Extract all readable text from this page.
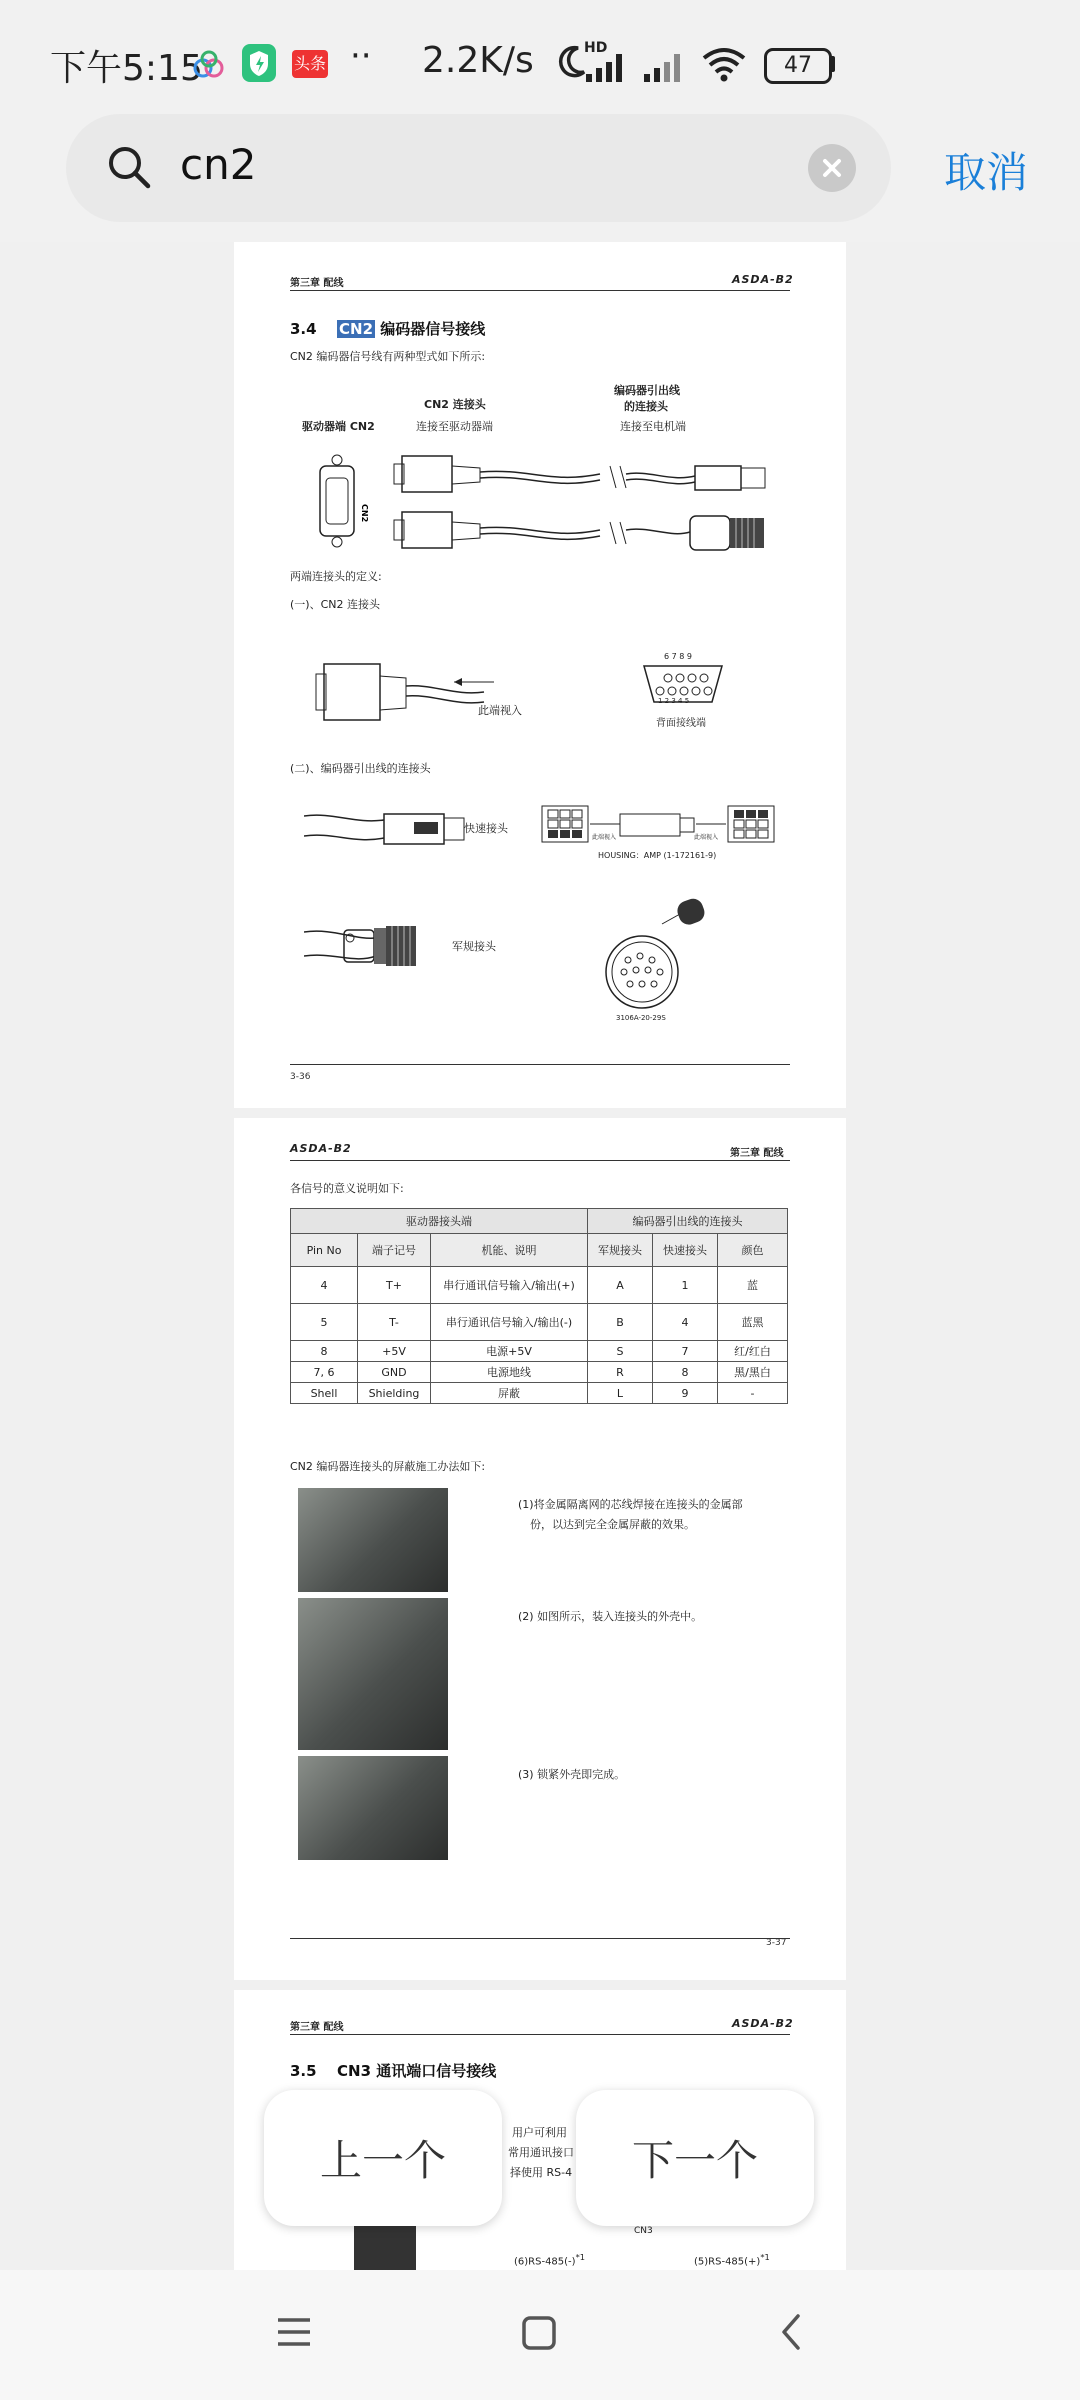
下午5:15	头条 ·· 2.2K/s	HD
47
cn2	取消
第三章 配线	ASDA-B2
3.4 CN2 编码器信号接线
CN2 编码器信号线有两种型式如下所示:
编码器引出线
的连接头
CN2 连接头
驱动器端 CN2	连接至驱动器端	连接至电机端
CN2
两端连接头的定义:
(一)、CN2 连接头
此端视入
6 7 8 9
1 2 3 4 5
背面接线端
(二)、编码器引出线的连接头
快速接头
此端视入	此端视入
HOUSING：AMP (1-172161-9)
军规接头
3106A-20-29S
3-36
ASDA-B2	第三章 配线
各信号的意义说明如下:
驱动器接头端			编码器引出线的连接头		
Pin No	端子记号	机能、说明	军规接头	快速接头	颜色
4	T+	串行通讯信号输入/输出(+)	A	1	蓝
5	T-	串行通讯信号输入/输出(-)	B	4	蓝黑
8	+5V	电源+5V	S	7	红/红白
7, 6	GND	电源地线	R	8	黑/黑白
Shell	Shielding	屏蔽	L	9	-
CN2 编码器连接头的屏蔽施工办法如下:
(1)将金属隔离网的芯线焊接在连接头的金属部
份，以达到完全金属屏蔽的效果。
(2) 如图所示，装入连接头的外壳中。
(3) 锁紧外壳即完成。
3-37
第三章 配线	ASDA-B2
3.5 CN3 通讯端口信号接线
用户可利用
常用通讯接口
择使用 RS-4
CN3
$(6)RS-485(-)^{*1}$	$(5)RS-485(+)^{*1}$
上一个	下一个
